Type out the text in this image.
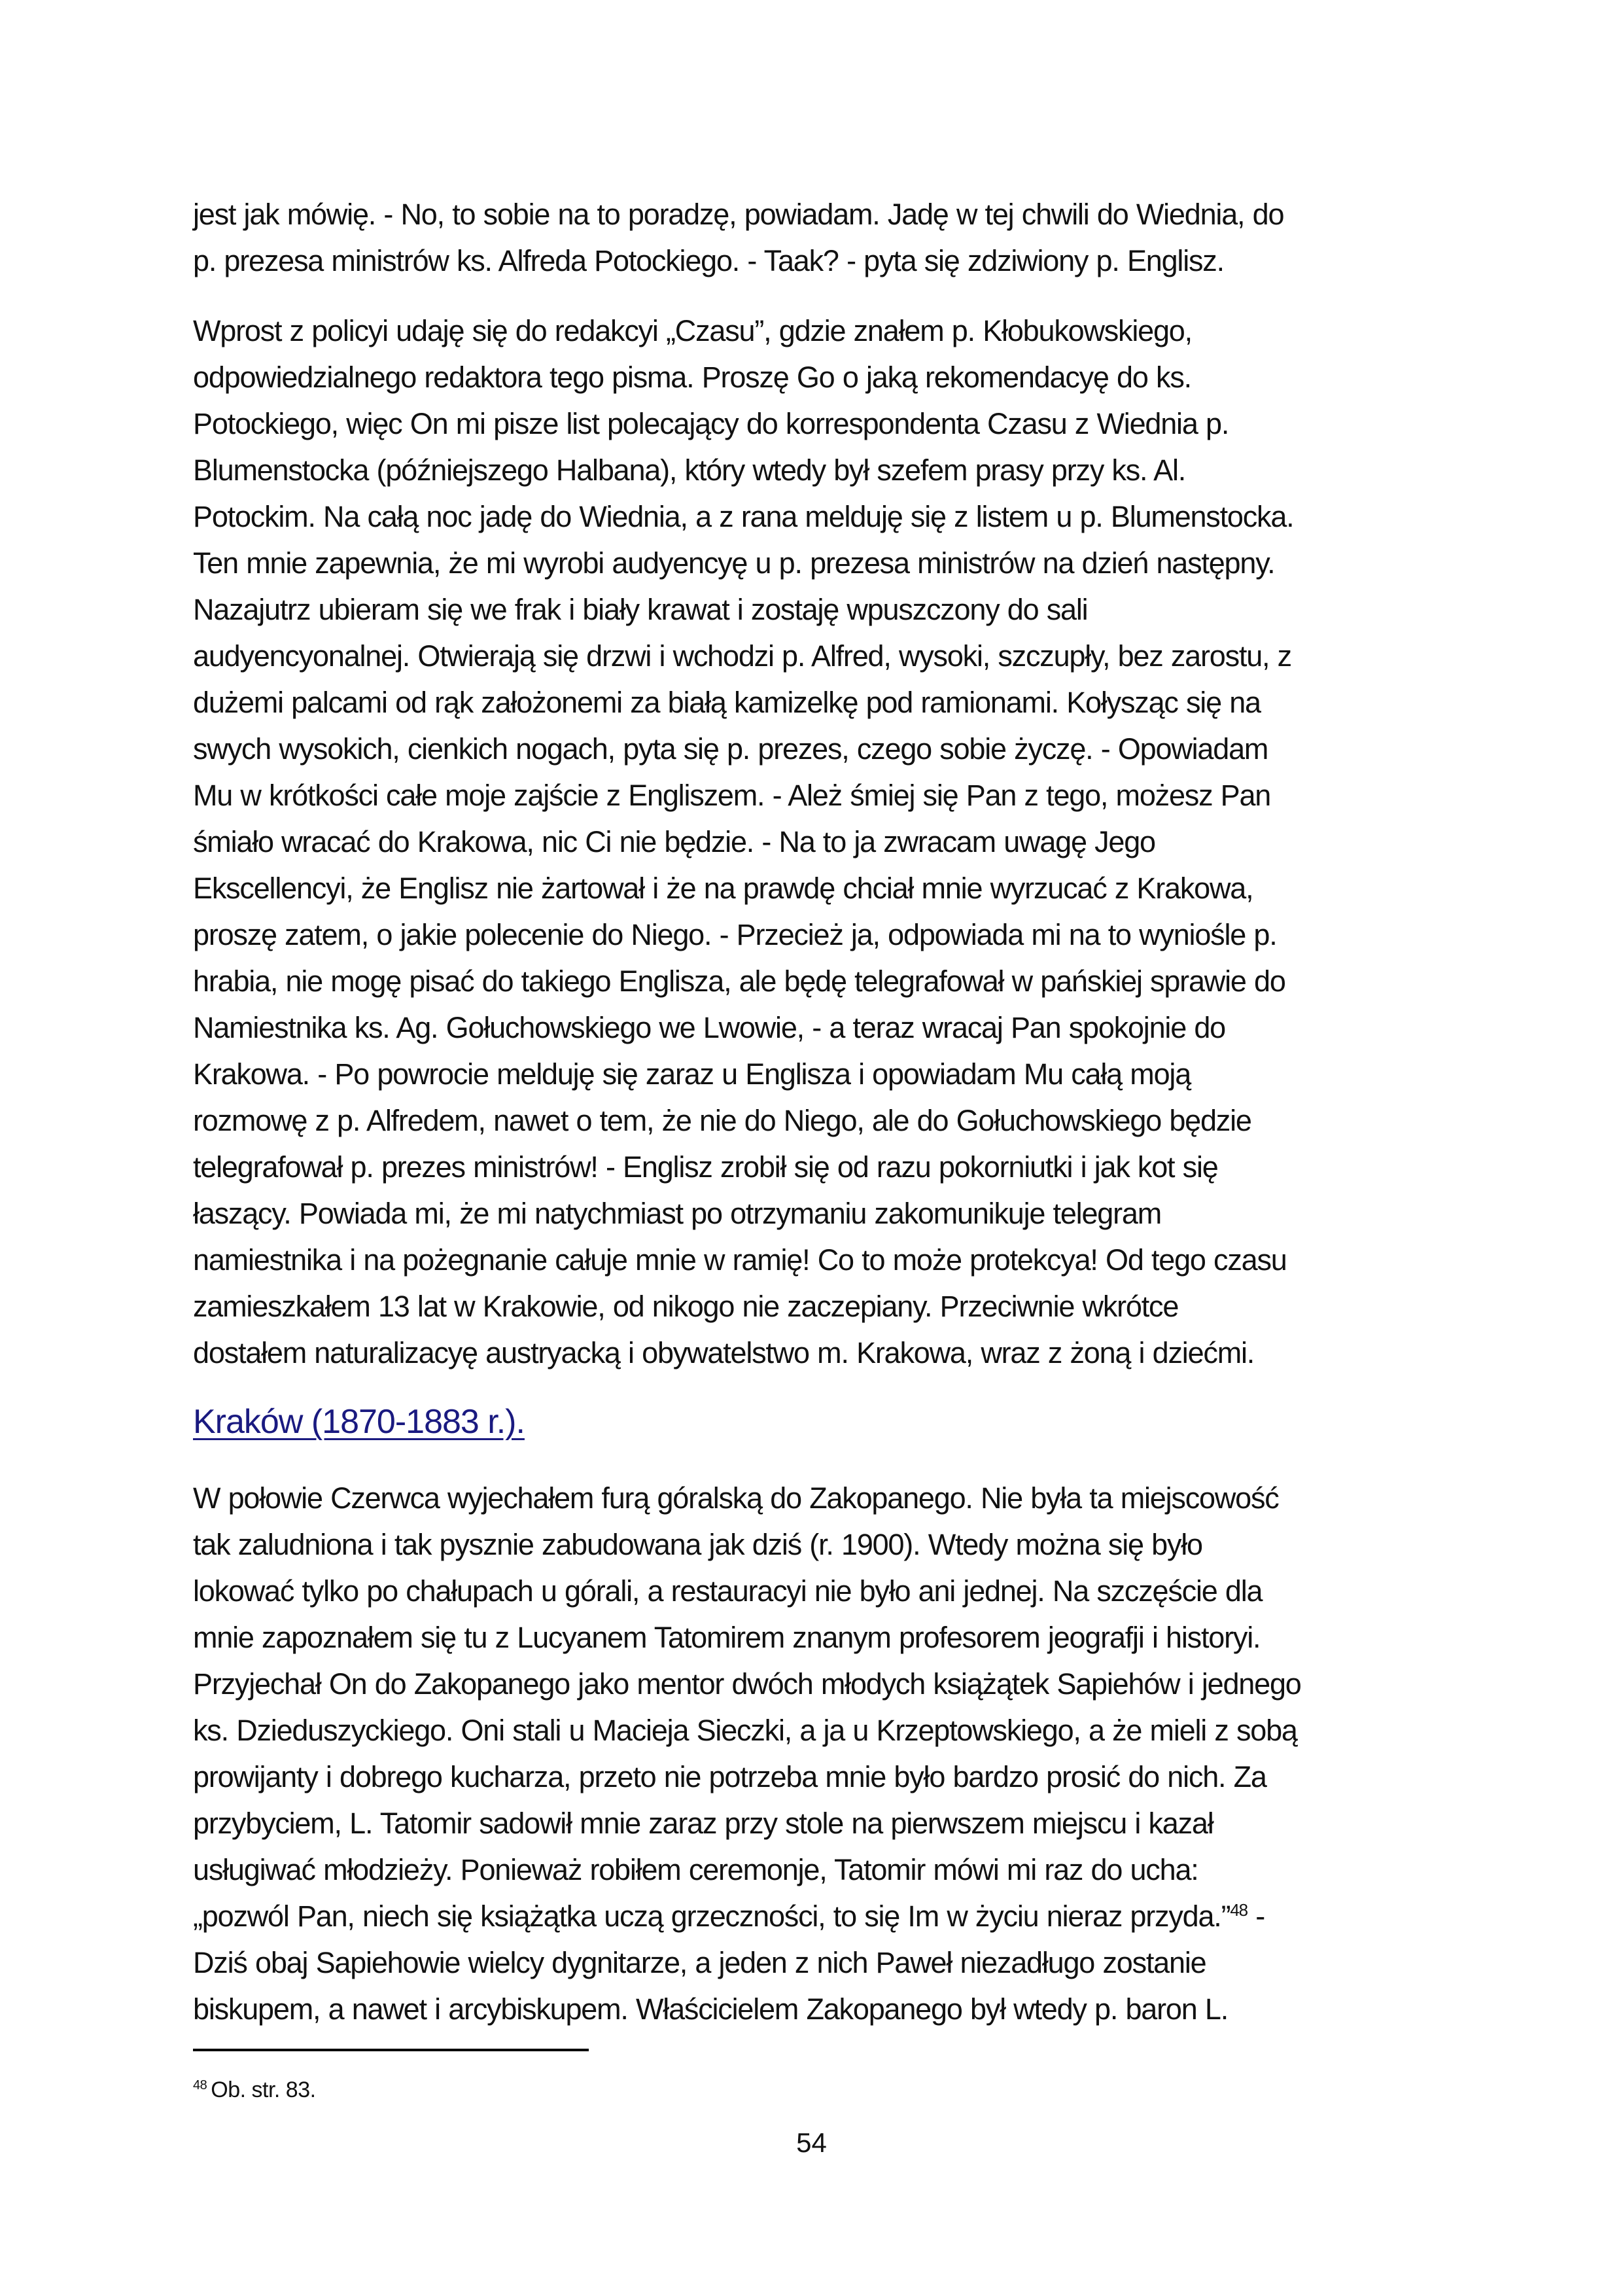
jest jak mówię. - No, to sobie na to poradzę, powiadam. Jadę w tej chwili do Wiednia, do
p. prezesa ministrów ks. Alfreda Potockiego. - Taak? - pyta się zdziwiony p. Englisz.
Wprost z policyi udaję się do redakcyi „Czasu”, gdzie znałem p. Kłobukowskiego,
odpowiedzialnego redaktora tego pisma. Proszę Go o jaką rekomendacyę do ks.
Potockiego, więc On mi pisze list polecający do korrespondenta Czasu z Wiednia p.
Blumenstocka (późniejszego Halbana), który wtedy był szefem prasy przy ks. Al.
Potockim. Na całą noc jadę do Wiednia, a z rana melduję się z listem u p. Blumenstocka.
Ten mnie zapewnia, że mi wyrobi audyencyę u p. prezesa ministrów na dzień następny.
Nazajutrz ubieram się we frak i biały krawat i zostaję wpuszczony do sali
audyencyonalnej. Otwierają się drzwi i wchodzi p. Alfred, wysoki, szczupły, bez zarostu, z
dużemi palcami od rąk założonemi za białą kamizelkę pod ramionami. Kołysząc się na
swych wysokich, cienkich nogach, pyta się p. prezes, czego sobie życzę. - Opowiadam
Mu w krótkości całe moje zajście z Engliszem. - Ależ śmiej się Pan z tego, możesz Pan
śmiało wracać do Krakowa, nic Ci nie będzie. - Na to ja zwracam uwagę Jego
Ekscellencyi, że Englisz nie żartował i że na prawdę chciał mnie wyrzucać z Krakowa,
proszę zatem, o jakie polecenie do Niego. - Przecież ja, odpowiada mi na to wyniośle p.
hrabia, nie mogę pisać do takiego Englisza, ale będę telegrafował w pańskiej sprawie do
Namiestnika ks. Ag. Gołuchowskiego we Lwowie, - a teraz wracaj Pan spokojnie do
Krakowa. - Po powrocie melduję się zaraz u Englisza i opowiadam Mu całą moją
rozmowę z p. Alfredem, nawet o tem, że nie do Niego, ale do Gołuchowskiego będzie
telegrafował p. prezes ministrów! - Englisz zrobił się od razu pokorniutki i jak kot się
łaszący. Powiada mi, że mi natychmiast po otrzymaniu zakomunikuje telegram
namiestnika i na pożegnanie całuje mnie w ramię! Co to może protekcya! Od tego czasu
zamieszkałem 13 lat w Krakowie, od nikogo nie zaczepiany. Przeciwnie wkrótce
dostałem naturalizacyę austryacką i obywatelstwo m. Krakowa, wraz z żoną i dziećmi.
Kraków (1870-1883 r.).
W połowie Czerwca wyjechałem furą góralską do Zakopanego. Nie była ta miejscowość
tak zaludniona i tak pysznie zabudowana jak dziś (r. 1900). Wtedy można się było
lokować tylko po chałupach u górali, a restauracyi nie było ani jednej. Na szczęście dla
mnie zapoznałem się tu z Lucyanem Tatomirem znanym profesorem jeografji i historyi.
Przyjechał On do Zakopanego jako mentor dwóch młodych książątek Sapiehów i jednego
ks. Dzieduszyckiego. Oni stali u Macieja Sieczki, a ja u Krzeptowskiego, a że mieli z sobą
prowijanty i dobrego kucharza, przeto nie potrzeba mnie było bardzo prosić do nich. Za
przybyciem, L. Tatomir sadowił mnie zaraz przy stole na pierwszem miejscu i kazał
usługiwać młodzieży. Ponieważ robiłem ceremonje, Tatomir mówi mi raz do ucha:
„pozwól Pan, niech się książątka uczą grzeczności, to się Im w życiu nieraz przyda.”$^{48}$ -
Dziś obaj Sapiehowie wielcy dygnitarze, a jeden z nich Paweł niezadługo zostanie
biskupem, a nawet i arcybiskupem. Właścicielem Zakopanego był wtedy p. baron L.
$^{48}$ Ob. str. 83.
54
